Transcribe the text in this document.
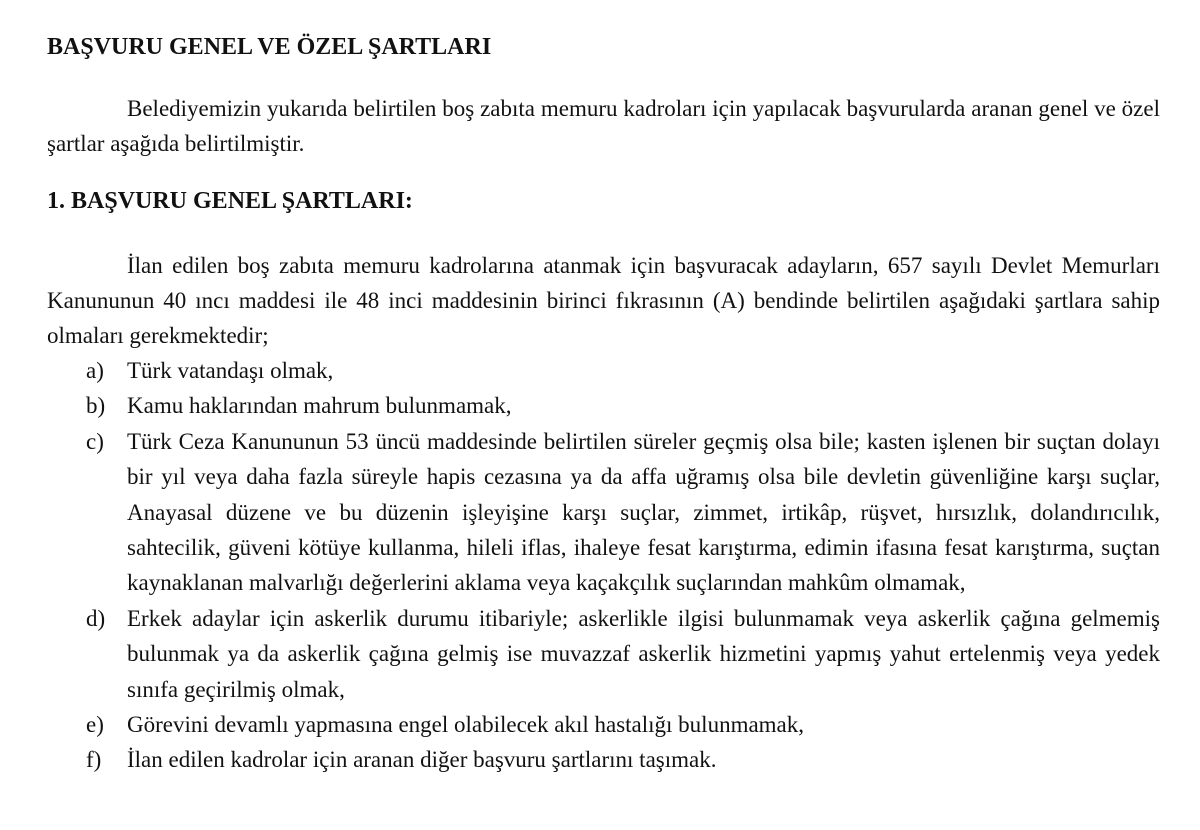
BAŞVURU GENEL VE ÖZEL ŞARTLARI

Belediyemizin yukarıda belirtilen boş zabıta memuru kadroları için yapılacak başvurularda aranan genel ve özel şartlar aşağıda belirtilmiştir.

1. BAŞVURU GENEL ŞARTLARI:

İlan edilen boş zabıta memuru kadrolarına atanmak için başvuracak adayların, 657 sayılı Devlet Memurları Kanununun 40 ıncı maddesi ile 48 inci maddesinin birinci fıkrasının (A) bendinde belirtilen aşağıdaki şartlara sahip olmaları gerekmektedir;

a)	Türk vatandaşı olmak,
b) Kamu haklarından mahrum bulunmamak,
c)	Türk Ceza Kanununun 53 üncü maddesinde belirtilen süreler geçmiş olsa bile; kasten işlenen bir suçtan dolayı bir yıl veya daha fazla süreyle hapis cezasına ya da affa uğramış olsa bile devletin güvenliğine karşı suçlar, Anayasal düzene ve bu düzenin işleyişine karşı suçlar, zimmet, irtikâp, rüşvet, hırsızlık, dolandırıcılık, sahtecilik, güveni kötüye kullanma, hileli iflas, ihaleye fesat karıştırma, edimin ifasına fesat karıştırma, suçtan kaynaklanan malvarlığı değerlerini aklama veya kaçakçılık suçlarından mahkûm olmamak,
d) Erkek adaylar için askerlik durumu itibariyle; askerlikle ilgisi bulunmamak veya askerlik çağına gelmemiş bulunmak ya da askerlik çağına gelmiş ise muvazzaf askerlik hizmetini yapmış yahut ertelenmiş veya yedek sınıfa geçirilmiş olmak,
e)	Görevini devamlı yapmasına engel olabilecek akıl hastalığı bulunmamak,
f)	İlan edilen kadrolar için aranan diğer başvuru şartlarını taşımak.
